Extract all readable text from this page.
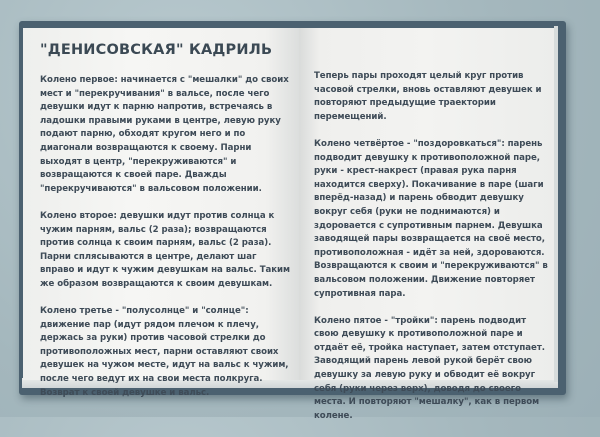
"ДЕНИСОВСКАЯ" КАДРИЛЬ

Колено первое: начинается с "мешалки" до своих мест и "перекручивания" в вальсе, после чего девушки идут к парню напротив, встречаясь в ладошки правыми руками в центре, левую руку подают парню, обходят кругом него и по диагонали возвращаются к своему. Парни выходят в центр, "перекруживаются" и возвращаются к своей паре. Дважды "перекручиваются" в вальсовом положении.

Колено второе: девушки идут против солнца к чужим парням, вальс (2 раза); возвращаются против солнца к своим парням, вальс (2 раза). Парни сплясываются в центре, делают шаг вправо и идут к чужим девушкам на вальс. Таким же образом возвращаются к своим девушкам.

Колено третье - "полусолнце" и "солнце": движение пар (идут рядом плечом к плечу, держась за руки) против часовой стрелки до противоположных мест, парни оставляют своих девушек на чужом месте, идут на вальс к чужим, после чего ведут их на свои места полкруга. Возврат к своей девушке и вальс.

Теперь пары проходят целый круг против часовой стрелки, вновь оставляют девушек и повторяют предыдущие траектории перемещений.

Колено четвёртое - "поздоровкаться": парень подводит девушку к противоположной паре, руки - крест-накрест (правая рука парня находится сверху). Покачивание в паре (шаги вперёд-назад) и парень обводит девушку вокруг себя (руки не поднимаются) и здоровается с супротивным парнем. Девушка заводящей пары возвращается на своё место, противоположная - идёт за ней, здороваются. Возвращаются к своим и "перекруживаются" в вальсовом положении. Движение повторяет супротивная пара.

Колено пятое - "тройки": парень подводит свою девушку к противоположной паре и отдаёт её, тройка наступает, затем отступает. Заводящий парень левой рукой берёт свою девушку за левую руку и обводит её вокруг себя (руки через верх), доводя до своего места. И повторяют "мешалку", как в первом колене.
